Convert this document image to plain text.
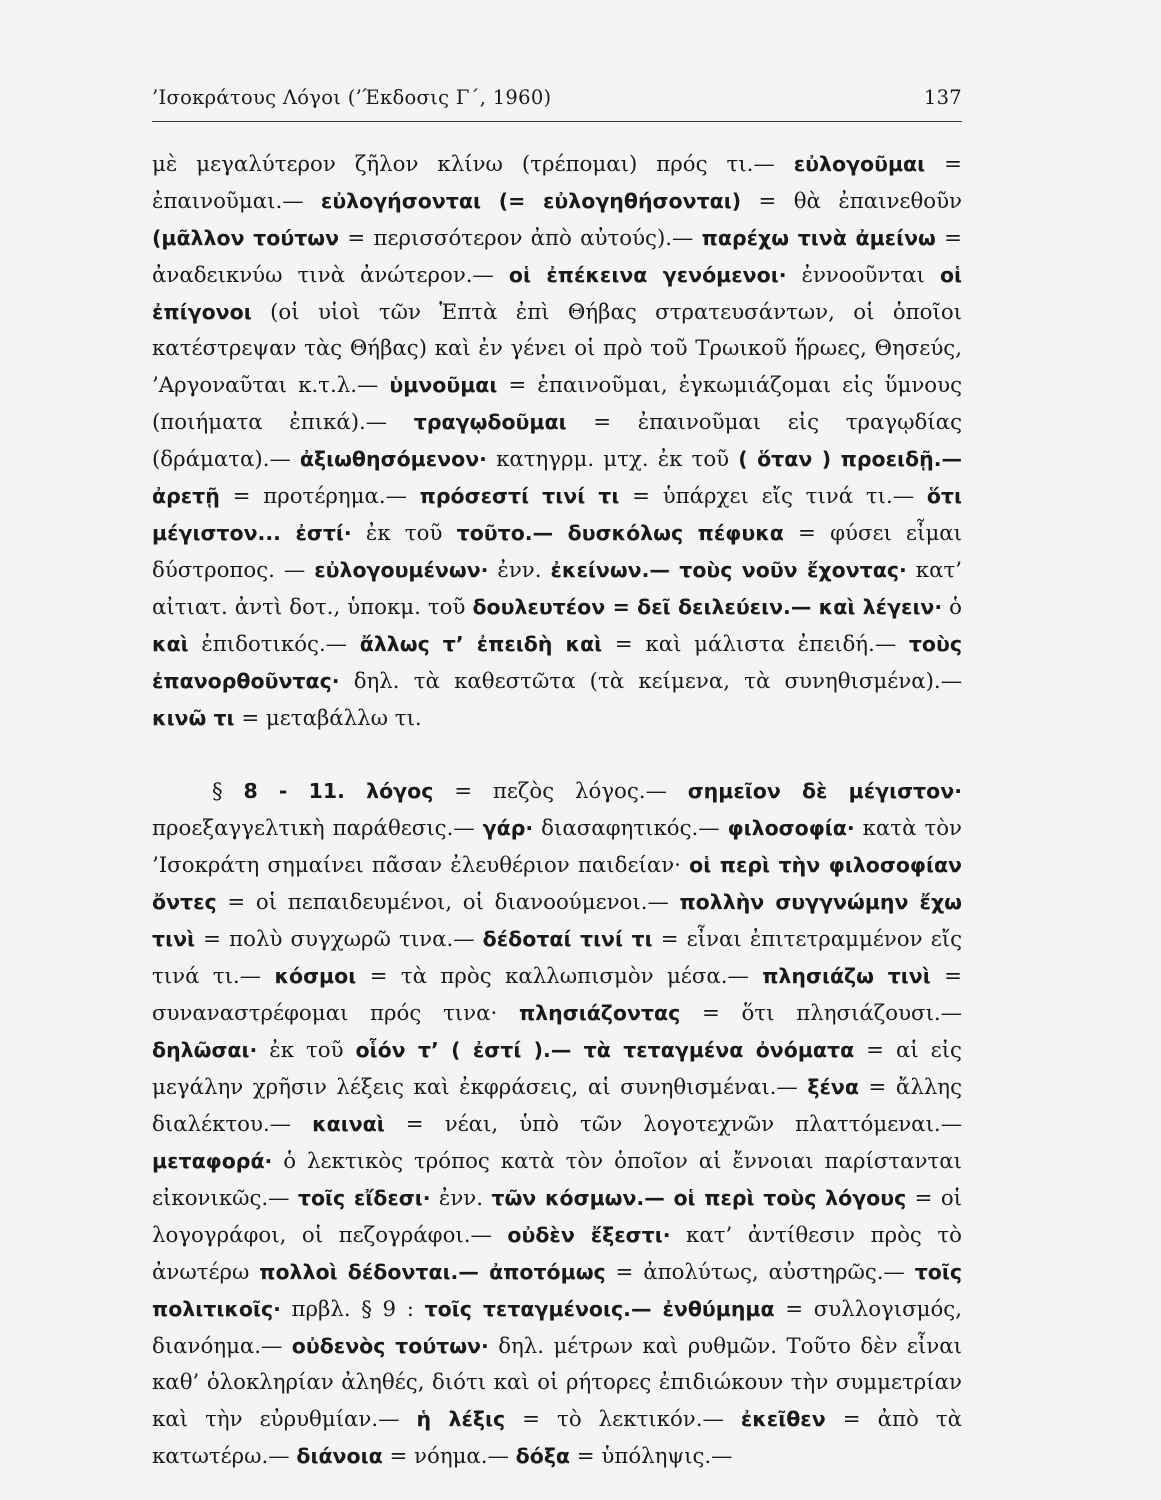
’Ισοκράτους Λόγοι (’Έκδοσις Γ΄, 1960)	137

μὲ μεγαλύτερον ζῆλον κλίνω (τρέπομαι) πρός τι.— εὐλογοῦμαι = ἐπαινοῦμαι.— εὐλογήσονται (= εὐλογηθήσονται) = θὰ ἐπαινεθοῦν (μᾶλλον τούτων = περισσότερον ἀπὸ αὐτούς).— παρέχω τινὰ ἀμείνω = ἀναδεικνύω τινὰ ἀνώτερον.— οἱ ἐπέκεινα γενόμενοι· ἐννοοῦνται οἱ ἐπίγονοι (οἱ υἱοὶ τῶν Ἑπτὰ ἐπὶ Θήβας στρατευσάντων, οἱ ὁποῖοι κατέστρεψαν τὰς Θήβας) καὶ ἐν γένει οἱ πρὸ τοῦ Τρωικοῦ ἥρωες, Θησεύς, ’Αργοναῦται κ.τ.λ.— ὑμνοῦμαι = ἐπαινοῦμαι, ἐγκωμιάζομαι εἰς ὕμνους (ποιήματα ἐπικά).— τραγῳδοῦμαι = ἐπαινοῦμαι εἰς τραγῳδίας (δράματα).— ἀξιωθησόμενον· κατηγρμ. μτχ. ἐκ τοῦ ( ὅταν ) προειδῇ.— ἀρετῇ = προτέρημα.— πρόσεστί τινί τι = ὑπάρχει εἴς τινά τι.— ὅτι μέγιστον... ἐστί· ἐκ τοῦ τοῦτο.— δυσκόλως πέφυκα = φύσει εἶμαι δύστροπος. — εὐλογουμένων· ἐνν. ἐκείνων.— τοὺς νοῦν ἔχοντας· κατ’ αἰτιατ. ἀντὶ δοτ., ὑποκμ. τοῦ δουλευτέον = δεῖ δειλεύειν.— καὶ λέγειν· ὁ καὶ ἐπιδοτικός.— ἄλλως τ’ ἐπειδὴ καὶ = καὶ μάλιστα ἐπειδή.— τοὺς ἐπανορθοῦντας· δηλ. τὰ καθεστῶτα (τὰ κείμενα, τὰ συνηθισμένα).— κινῶ τι = μεταβάλλω τι.

§ 8 - 11. λόγος = πεζὸς λόγος.— σημεῖον δὲ μέγιστον· προεξαγγελτικὴ παράθεσις.— γάρ· διασαφητικός.— φιλοσοφία· κατὰ τὸν ’Ισοκράτη σημαίνει πᾶσαν ἐλευθέριον παιδείαν· οἱ περὶ τὴν φιλοσοφίαν ὄντες = οἱ πεπαιδευμένοι, οἱ διανοούμενοι.— πολλὴν συγγνώμην ἔχω τινὶ = πολὺ συγχωρῶ τινα.— δέδοταί τινί τι = εἶναι ἐπιτετραμμένον εἴς τινά τι.— κόσμοι = τὰ πρὸς καλλωπισμὸν μέσα.— πλησιάζω τινὶ = συναναστρέφομαι πρός τινα· πλησιάζοντας = ὅτι πλησιάζουσι.— δηλῶσαι· ἐκ τοῦ οἷόν τ’ ( ἐστί ).— τὰ τεταγμένα ὀνόματα = αἱ εἰς μεγάλην χρῆσιν λέξεις καὶ ἐκφράσεις, αἱ συνηθισμέναι.— ξένα = ἄλλης διαλέκτου.— καιναὶ = νέαι, ὑπὸ τῶν λογοτεχνῶν πλαττόμεναι.— μεταφορά· ὁ λεκτικὸς τρόπος κατὰ τὸν ὁποῖον αἱ ἔννοιαι παρίστανται εἰκονικῶς.— τοῖς εἴδεσι· ἐνν. τῶν κόσμων.— οἱ περὶ τοὺς λόγους = οἱ λογογράφοι, οἱ πεζογράφοι.— οὐδὲν ἔξεστι· κατ’ ἀντίθεσιν πρὸς τὸ ἀνωτέρω πολλοὶ δέδονται.— ἀποτόμως = ἀπολύτως, αὐστηρῶς.— τοῖς πολιτικοῖς· πρβλ. § 9 : τοῖς τεταγμένοις.— ἐνθύμημα = συλλογισμός, διανόημα.— οὐδενὸς τούτων· δηλ. μέτρων καὶ ρυθμῶν. Τοῦτο δὲν εἶναι καθ’ ὁλοκληρίαν ἀληθές, διότι καὶ οἱ ρήτορες ἐπιδιώκουν τὴν συμμετρίαν καὶ τὴν εὐρυθμίαν.— ἡ λέξις = τὸ λεκτικόν.— ἐκεῖθεν = ἀπὸ τὰ κατωτέρω.— διάνοια = νόημα.— δόξα = ὑπόληψις.—
